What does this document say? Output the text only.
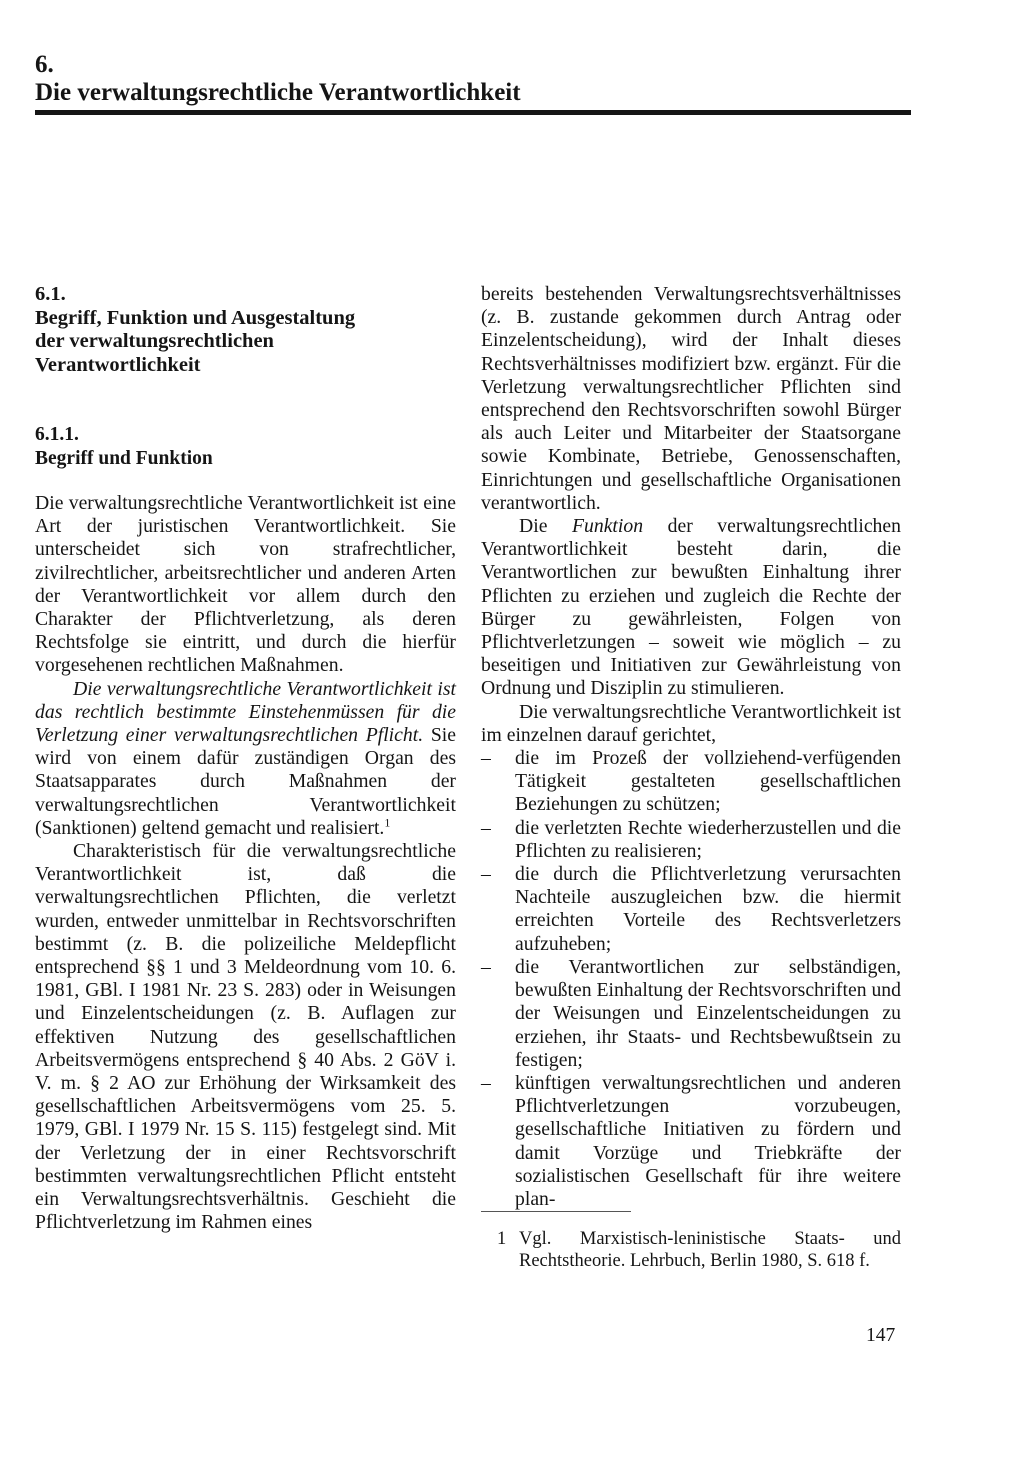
6.
Die verwaltungsrechtliche Verantwortlichkeit
6.1.
Begriff, Funktion und Ausgestaltung
der verwaltungsrechtlichen
Verantwortlichkeit
6.1.1.
Begriff und Funktion

Die verwaltungsrechtliche Verantwortlichkeit ist eine Art der juristischen Verantwortlichkeit. Sie unterscheidet sich von strafrechtlicher, zivilrechtlicher, arbeitsrechtlicher und anderen Arten der Verantwortlichkeit vor allem durch den Charakter der Pflichtverletzung, als deren Rechtsfolge sie eintritt, und durch die hierfür vorgesehenen rechtlichen Maßnahmen.

Die verwaltungsrechtliche Verantwortlichkeit ist das rechtlich bestimmte Einstehenmüssen für die Verletzung einer verwaltungsrechtlichen Pflicht. Sie wird von einem dafür zuständigen Organ des Staatsapparates durch Maßnahmen der verwaltungsrechtlichen Verantwortlichkeit (Sanktionen) geltend gemacht und realisiert.$^1$

Charakteristisch für die verwaltungsrechtliche Verantwortlichkeit ist, daß die verwaltungsrechtlichen Pflichten, die verletzt wurden, entweder unmittelbar in Rechtsvorschriften bestimmt (z. B. die polizeiliche Meldepflicht entsprechend §§ 1 und 3 Meldeordnung vom 10. 6. 1981, GBl. I 1981 Nr. 23 S. 283) oder in Weisungen und Einzelentscheidungen (z. B. Auflagen zur effektiven Nutzung des gesellschaftlichen Arbeitsvermögens entsprechend § 40 Abs. 2 GöV i. V. m. § 2 AO zur Erhöhung der Wirksamkeit des gesellschaftlichen Arbeitsvermögens vom 25. 5. 1979, GBl. I 1979 Nr. 15 S. 115) festgelegt sind. Mit der Verletzung der in einer Rechtsvorschrift bestimmten verwaltungsrechtlichen Pflicht entsteht ein Verwaltungsrechtsverhältnis. Geschieht die Pflichtverletzung im Rahmen eines

bereits bestehenden Verwaltungsrechtsverhältnisses (z. B. zustande gekommen durch Antrag oder Einzelentscheidung), wird der Inhalt dieses Rechtsverhältnisses modifiziert bzw. ergänzt. Für die Verletzung verwaltungsrechtlicher Pflichten sind entsprechend den Rechtsvorschriften sowohl Bürger als auch Leiter und Mitarbeiter der Staatsorgane sowie Kombinate, Betriebe, Genossenschaften, Einrichtungen und gesellschaftliche Organisationen verantwortlich.

Die Funktion der verwaltungsrechtlichen Verantwortlichkeit besteht darin, die Verantwortlichen zur bewußten Einhaltung ihrer Pflichten zu erziehen und zugleich die Rechte der Bürger zu gewährleisten, Folgen von Pflichtverletzungen – soweit wie möglich – zu beseitigen und Initiativen zur Gewährleistung von Ordnung und Disziplin zu stimulieren.

Die verwaltungsrechtliche Verantwortlichkeit ist im einzelnen darauf gerichtet,

– die im Prozeß der vollziehend-verfügenden Tätigkeit gestalteten gesellschaftlichen Beziehungen zu schützen;
– die verletzten Rechte wiederherzustellen und die Pflichten zu realisieren;
– die durch die Pflichtverletzung verursachten Nachteile auszugleichen bzw. die hiermit erreichten Vorteile des Rechtsverletzers aufzuheben;
– die Verantwortlichen zur selbständigen, bewußten Einhaltung der Rechtsvorschriften und der Weisungen und Einzelentscheidungen zu erziehen, ihr Staats- und Rechtsbewußtsein zu festigen;
– künftigen verwaltungsrechtlichen und anderen Pflichtverletzungen vorzubeugen, gesellschaftliche Initiativen zu fördern und damit Vorzüge und Triebkräfte der sozialistischen Gesellschaft für ihre weitere plan-
1 Vgl. Marxistisch-leninistische Staats- und Rechtstheorie. Lehrbuch, Berlin 1980, S. 618 f.
147
